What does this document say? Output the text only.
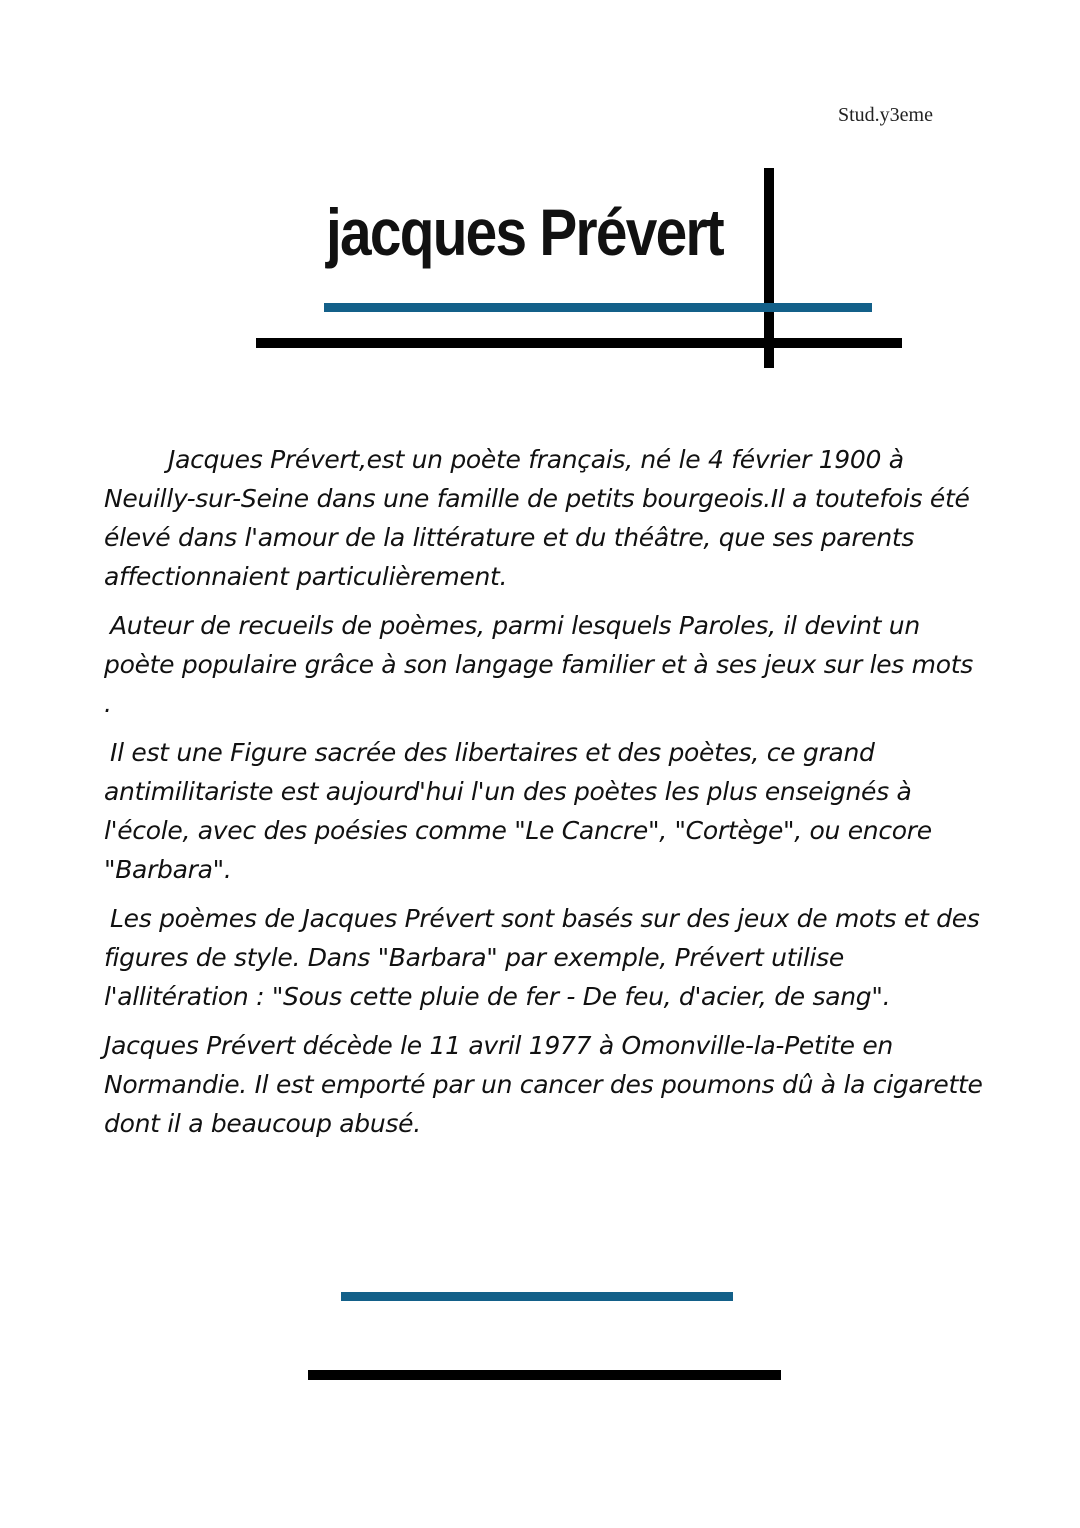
Stud.y3eme
jacques Prévert

Jacques Prévert,est un poète français, né le 4 février 1900 à Neuilly-sur-Seine dans une famille de petits bourgeois.Il a toutefois été élevé dans l'amour de la littérature et du théâtre, que ses parents affectionnaient particulièrement.

Auteur de recueils de poèmes, parmi lesquels Paroles, il devint un poète populaire grâce à son langage familier et à ses jeux sur les mots .

Il est une Figure sacrée des libertaires et des poètes, ce grand antimilitariste est aujourd'hui l'un des poètes les plus enseignés à l'école, avec des poésies comme "Le Cancre", "Cortège", ou encore "Barbara".

Les poèmes de Jacques Prévert sont basés sur des jeux de mots et des figures de style. Dans "Barbara" par exemple, Prévert utilise l'allitération : "Sous cette pluie de fer - De feu, d'acier, de sang".

Jacques Prévert décède le 11 avril 1977 à Omonville-la-Petite en Normandie. Il est emporté par un cancer des poumons dû à la cigarette dont il a beaucoup abusé.
